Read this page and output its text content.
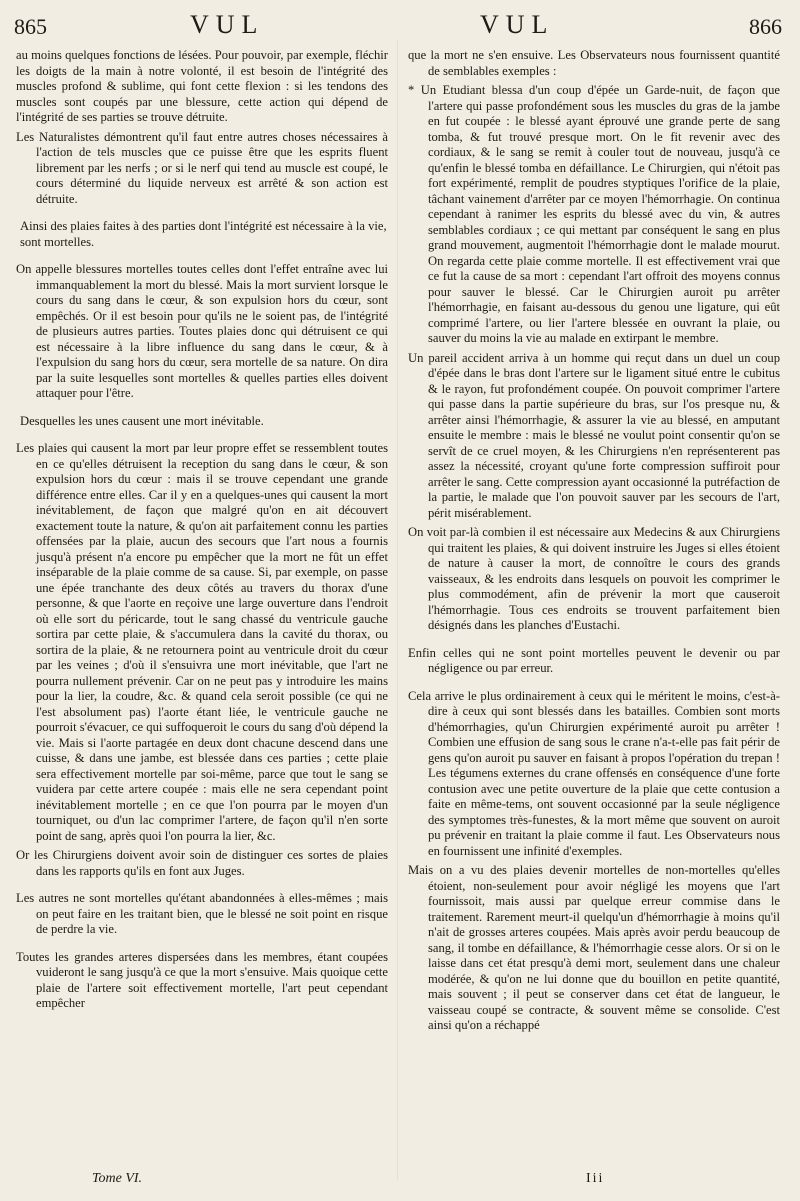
865	VUL	VUL	866

au moins quelques fonctions de lésées. Pour pouvoir, par exemple, fléchir les doigts de la main à notre volonté, il est besoin de l'intégrité des muscles profond & sublime, qui font cette flexion : si les tendons des muscles sont coupés par une blessure, cette action qui dépend de l'intégrité de ses parties se trouve détruite.

Les Naturalistes démontrent qu'il faut entre autres choses nécessaires à l'action de tels muscles que ce puisse être que les esprits fluent librement par les nerfs ; or si le nerf qui tend au muscle est coupé, le cours déterminé du liquide nerveux est arrêté & son action est détruite.

Ainsi des plaies faites à des parties dont l'intégrité est nécessaire à la vie, sont mortelles.

On appelle blessures mortelles toutes celles dont l'effet entraîne avec lui immanquablement la mort du blessé. Mais la mort survient lorsque le cours du sang dans le cœur, & son expulsion hors du cœur, sont empêchés. Or il est besoin pour qu'ils ne le soient pas, de l'intégrité de plusieurs autres parties. Toutes plaies donc qui détruisent ce qui est nécessaire à la libre influence du sang dans le cœur, & à l'expulsion du sang hors du cœur, sera mortelle de sa nature. On dira par la suite lesquelles sont mortelles & quelles parties elles doivent attaquer pour l'être.

Desquelles les unes causent une mort inévitable.

Les plaies qui causent la mort par leur propre effet se ressemblent toutes en ce qu'elles détruisent la reception du sang dans le cœur, & son expulsion hors du cœur : mais il se trouve cependant une grande différence entre elles. Car il y en a quelques-unes qui causent la mort inévitablement, de façon que malgré qu'on en ait découvert exactement toute la nature, & qu'on ait parfaitement connu les parties offensées par la plaie, aucun des secours que l'art nous a fournis jusqu'à présent n'a encore pu empêcher que la mort ne fût un effet inséparable de la plaie comme de sa cause. Si, par exemple, on passe une épée tranchante des deux côtés au travers du thorax d'une personne, & que l'aorte en reçoive une large ouverture dans l'endroit où elle sort du péricarde, tout le sang chassé du ventricule gauche sortira par cette plaie, & s'accumulera dans la cavité du thorax, ou sortira de la plaie, & ne retournera point au ventricule droit du cœur par les veines ; d'où il s'ensuivra une mort inévitable, que l'art ne pourra nullement prévenir. Car on ne peut pas y introduire les mains pour la lier, la coudre, &c. & quand cela seroit possible (ce qui ne l'est absolument pas) l'aorte étant liée, le ventricule gauche ne pourroit s'évacuer, ce qui suffoqueroit le cours du sang d'où dépend la vie. Mais si l'aorte partagée en deux dont chacune descend dans une cuisse, & dans une jambe, est blessée dans ces parties ; cette plaie sera effectivement mortelle par soi-même, parce que tout le sang se vuidera par cette artere coupée : mais elle ne sera cependant point inévitablement mortelle ; en ce que l'on pourra par le moyen d'un tourniquet, ou d'un lac comprimer l'artere, de façon qu'il n'en sorte point de sang, après quoi l'on pourra la lier, &c.

Or les Chirurgiens doivent avoir soin de distinguer ces sortes de plaies dans les rapports qu'ils en font aux Juges.

Les autres ne sont mortelles qu'étant abandonnées à elles-mêmes ; mais on peut faire en les traitant bien, que le blessé ne soit point en risque de perdre la vie.

Toutes les grandes arteres dispersées dans les membres, étant coupées vuideront le sang jusqu'à ce que la mort s'ensuive. Mais quoique cette plaie de l'artere soit effectivement mortelle, l'art peut cependant empêcher

que la mort ne s'en ensuive. Les Observateurs nous fournissent quantité de semblables exemples :

* Un Etudiant blessa d'un coup d'épée un Garde-nuit, de façon que l'artere qui passe profondément sous les muscles du gras de la jambe en fut coupée : le blessé ayant éprouvé une grande perte de sang tomba, & fut trouvé presque mort. On le fit revenir avec des cordiaux, & le sang se remit à couler tout de nouveau, jusqu'à ce qu'enfin le blessé tomba en défaillance. Le Chirurgien, qui n'étoit pas fort expérimenté, remplit de poudres styptiques l'orifice de la plaie, tâchant vainement d'arrêter par ce moyen l'hémorrhagie. On continua cependant à ranimer les esprits du blessé avec du vin, & autres semblables cordiaux ; ce qui mettant par conséquent le sang en plus grand mouvement, augmentoit l'hémorrhagie dont le malade mourut. On regarda cette plaie comme mortelle. Il est effectivement vrai que ce fut la cause de sa mort : cependant l'art offroit des moyens connus pour sauver le blessé. Car le Chirurgien auroit pu arrêter l'hémorrhagie, en faisant au-dessous du genou une ligature, qui eût comprimé l'artere, ou lier l'artere blessée en ouvrant la plaie, ou sauver du moins la vie au malade en extirpant le membre.

Un pareil accident arriva à un homme qui reçut dans un duel un coup d'épée dans le bras dont l'artere sur le ligament situé entre le cubitus & le rayon, fut profondément coupée. On pouvoit comprimer l'artere qui passe dans la partie supérieure du bras, sur l'os presque nu, & arrêter ainsi l'hémorrhagie, & assurer la vie au blessé, en amputant ensuite le membre : mais le blessé ne voulut point consentir qu'on se servît de ce cruel moyen, & les Chirurgiens n'en représenterent pas assez la nécessité, croyant qu'une forte compression suffiroit pour arrêter le sang. Cette compression ayant occasionné la putréfaction de la partie, le malade que l'on pouvoit sauver par les secours de l'art, périt misérablement.

On voit par-là combien il est nécessaire aux Medecins & aux Chirurgiens qui traitent les plaies, & qui doivent instruire les Juges si elles étoient de nature à causer la mort, de connoître le cours des grands vaisseaux, & les endroits dans lesquels on pouvoit les comprimer le plus commodément, afin de prévenir la mort que causeroit l'hémorrhagie. Tous ces endroits se trouvent parfaitement bien désignés dans les planches d'Eustachi.

Enfin celles qui ne sont point mortelles peuvent le devenir ou par négligence ou par erreur.

Cela arrive le plus ordinairement à ceux qui le méritent le moins, c'est-à-dire à ceux qui sont blessés dans les batailles. Combien sont morts d'hémorrhagies, qu'un Chirurgien expérimenté auroit pu arrêter ! Combien une effusion de sang sous le crane n'a-t-elle pas fait périr de gens qu'on auroit pu sauver en faisant à propos l'opération du trepan ! Les tégumens externes du crane offensés en conséquence d'une forte contusion avec une petite ouverture de la plaie que cette contusion a faite en même-tems, ont souvent occasionné par la seule négligence des symptomes très-funestes, & la mort même que souvent on auroit pu prévenir en traitant la plaie comme il faut. Les Observateurs nous en fournissent une infinité d'exemples.

Mais on a vu des plaies devenir mortelles de non-mortelles qu'elles étoient, non-seulement pour avoir négligé les moyens que l'art fournissoit, mais aussi par quelque erreur commise dans le traitement. Rarement meurt-il quelqu'un d'hémorrhagie à moins qu'il n'ait de grosses arteres coupées. Mais après avoir perdu beaucoup de sang, il tombe en défaillance, & l'hémorrhagie cesse alors. Or si on le laisse dans cet état presqu'à demi mort, seulement dans une chaleur modérée, & qu'on ne lui donne que du bouillon en petite quantité, mais souvent ; il peut se conserver dans cet état de langueur, le vaisseau coupé se contracte, & souvent même se consolide. C'est ainsi qu'on a réchappé

Tome VI.	Iii
